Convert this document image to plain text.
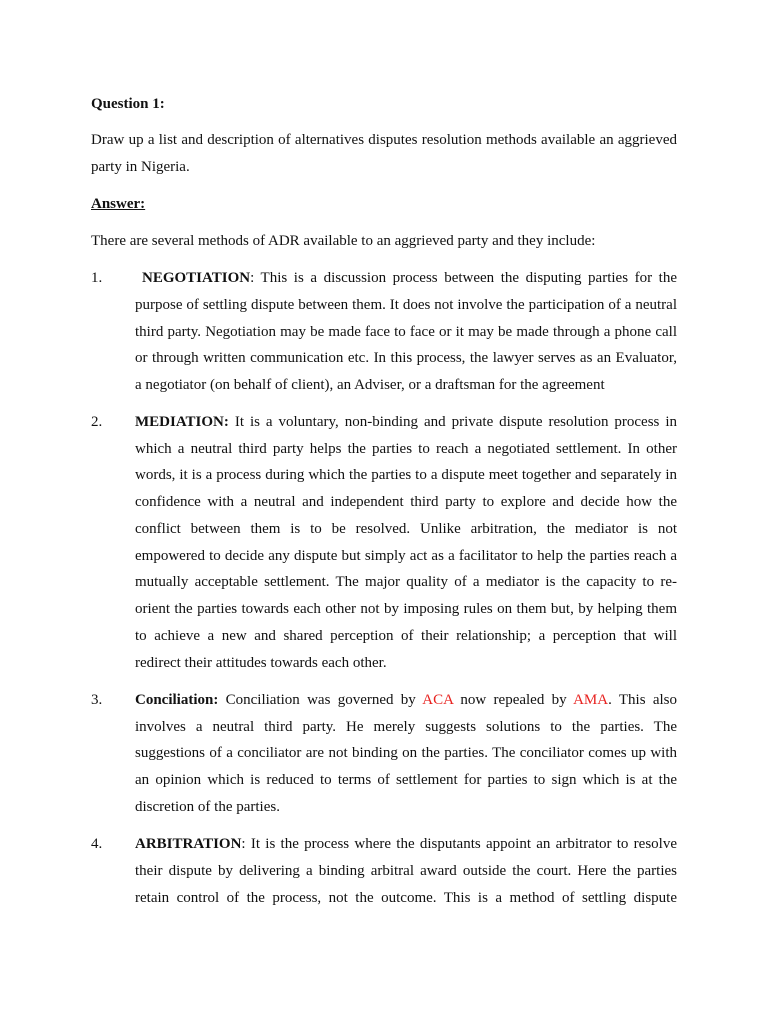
Question 1:
Draw up a list and description of alternatives disputes resolution methods available an aggrieved
party in Nigeria.
Answer:
There are several methods of ADR available to an aggrieved party and they include:
1.	NEGOTIATION: This is a discussion process between the disputing parties for the
purpose of settling dispute between them. It does not involve the participation of a neutral
third party. Negotiation may be made face to face or it may be made through a phone call
or through written communication etc. In this process, the lawyer serves as an Evaluator,
a negotiator (on behalf of client), an Adviser, or a draftsman for the agreement
2. MEDIATION: It is a voluntary, non-binding and private dispute resolution process in
which a neutral third party helps the parties to reach a negotiated settlement. In other
words, it is a process during which the parties to a dispute meet together and separately in
confidence with a neutral and independent third party to explore and decide how the
conflict between them is to be resolved. Unlike arbitration, the mediator is not
empowered to decide any dispute but simply act as a facilitator to help the parties reach a
mutually acceptable settlement. The major quality of a mediator is the capacity to re-
orient the parties towards each other not by imposing rules on them but, by helping them
to achieve a new and shared perception of their relationship; a perception that will
redirect their attitudes towards each other.
3. Conciliation: Conciliation was governed by ACA now repealed by AMA. This also
involves a neutral third party. He merely suggests solutions to the parties. The
suggestions of a conciliator are not binding on the parties. The conciliator comes up with
an opinion which is reduced to terms of settlement for parties to sign which is at the
discretion of the parties.
4. ARBITRATION: It is the process where the disputants appoint an arbitrator to resolve
their dispute by delivering a binding arbitral award outside the court. Here the parties
retain control of the process, not the outcome. This is a method of settling dispute
